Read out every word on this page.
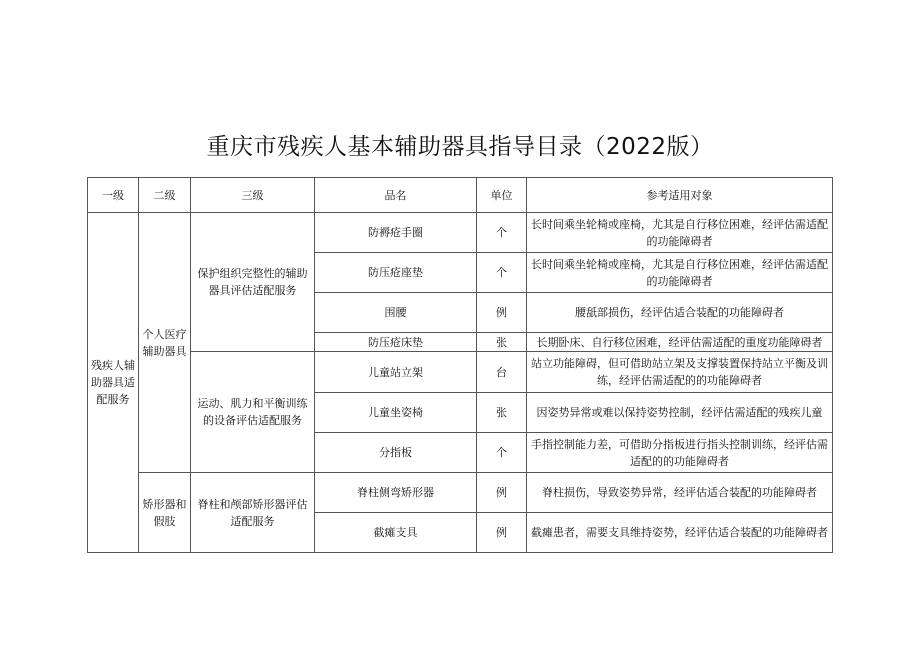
重庆市残疾人基本辅助器具指导目录（2022版）
一级	二级	三级	品名	单位	参考适用对象
残疾人辅助器具适配服务	个人医疗辅助器具	保护组织完整性的辅助器具评估适配服务	防褥疮手圈	个	长时间乘坐轮椅或座椅，尤其是自行移位困难，经评估需适配的功能障碍者
			防压疮座垫	个	长时间乘坐轮椅或座椅，尤其是自行移位困难，经评估需适配的功能障碍者
			围腰	例	腰舐部损伤，经评估适合装配的功能障碍者
			防压疮床垫	张	长期卧床、自行移位困难，经评估需适配的重度功能障碍者
		运动、肌力和平衡训练的设备评估适配服务	儿童站立架	台	站立功能障碍，但可借助站立架及支撑装置保持站立平衡及训练，经评估需适配的的功能障碍者
			儿童坐姿椅	张	因姿势异常或难以保持姿势控制，经评估需适配的残疾儿童
			分指板	个	手指控制能力差，可借助分指板进行指头控制训练，经评估需适配的的功能障碍者
	矫形器和假肢	脊柱和颅部矫形器评估适配服务	脊柱侧弯矫形器	例	脊柱损伤，导致姿势异常，经评估适合装配的功能障碍者
			截瘫支具	例	截瘫患者，需要支具维持姿势，经评估适合装配的功能障碍者
